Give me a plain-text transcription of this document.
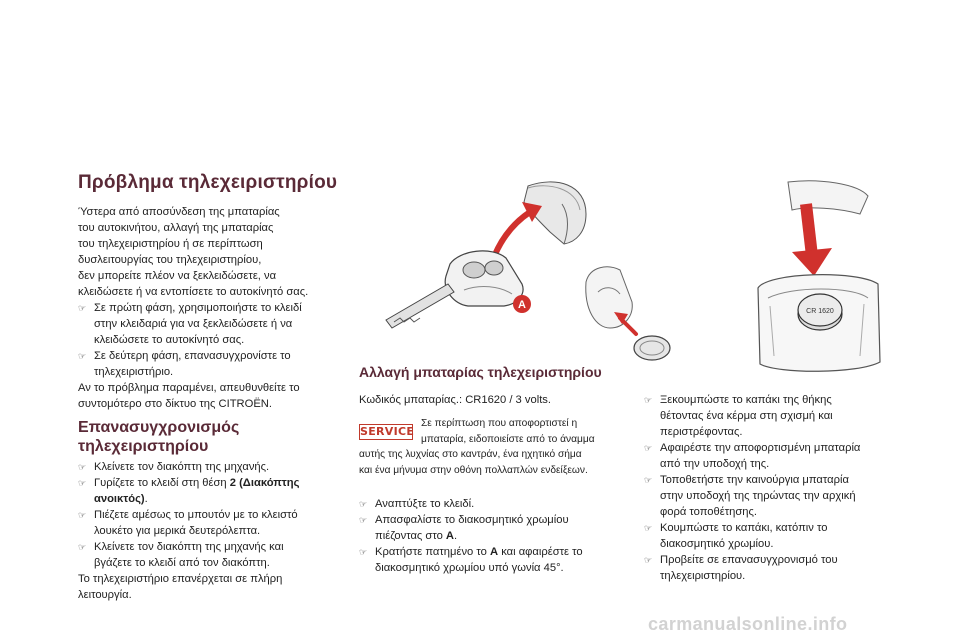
Πρόβλημα τηλεχειριστηρίου

Ύστερα από αποσύνδεση της μπαταρίας

του αυτοκινήτου, αλλαγή της μπαταρίας

του τηλεχειριστηρίου ή σε περίπτωση

δυσλειτουργίας του τηλεχειριστηρίου,

δεν μπορείτε πλέον να ξεκλειδώσετε, να

κλειδώσετε ή να εντοπίσετε το αυτοκίνητό σας.

☞ Σε πρώτη φάση, χρησιμοποιήστε το κλειδί

στην κλειδαριά για να ξεκλειδώσετε ή να

κλειδώσετε το αυτοκίνητό σας.

☞ Σε δεύτερη φάση, επανασυγχρονίστε το

τηλεχειριστήριο.

Αν το πρόβλημα παραμένει, απευθυνθείτε το

συντομότερο στο δίκτυο της CITROËN.

Επανασυγχρονισμός
τηλεχειριστηρίου
☞ Κλείνετε τον διακόπτη της μηχανής.

☞ Γυρίζετε το κλειδί στη θέση 2 (Διακόπτης

ανοικτός).

☞ Πιέζετε αμέσως το μπουτόν με το κλειστό

λουκέτο για μερικά δευτερόλεπτα.

☞ Κλείνετε τον διακόπτη της μηχανής και

βγάζετε το κλειδί από τον διακόπτη.

Το τηλεχειριστήριο επανέρχεται σε πλήρη

λειτουργία.

A
CR 1620
Αλλαγή μπαταρίας τηλεχειριστηρίου
Κωδικός μπαταρίας.: CR1620 / 3 volts.
SERVICE
Σε περίπτωση που αποφορτιστεί η
μπαταρία, ειδοποιείστε από το άναμμα
αυτής της λυχνίας στο καντράν, ένα ηχητικό σήμα
και ένα μήνυμα στην οθόνη πολλαπλών ενδείξεων.
☞ Αναπτύξτε το κλειδί.

☞ Απασφαλίστε το διακοσμητικό χρωμίου

πιέζοντας στο A.

☞ Κρατήστε πατημένο το A και αφαιρέστε το

διακοσμητικό χρωμίου υπό γωνία 45°.

☞ Ξεκουμπώστε το καπάκι της θήκης

θέτοντας ένα κέρμα στη σχισμή και

περιστρέφοντας.

☞ Αφαιρέστε την αποφορτισμένη μπαταρία

από την υποδοχή της.

☞ Τοποθετήστε την καινούργια μπαταρία

στην υποδοχή της τηρώντας την αρχική

φορά τοποθέτησης.

☞ Κουμπώστε το καπάκι, κατόπιν το

διακοσμητικό χρωμίου.

☞ Προβείτε σε επανασυγχρονισμό του

τηλεχειριστηρίου.

carmanualsonline.info
